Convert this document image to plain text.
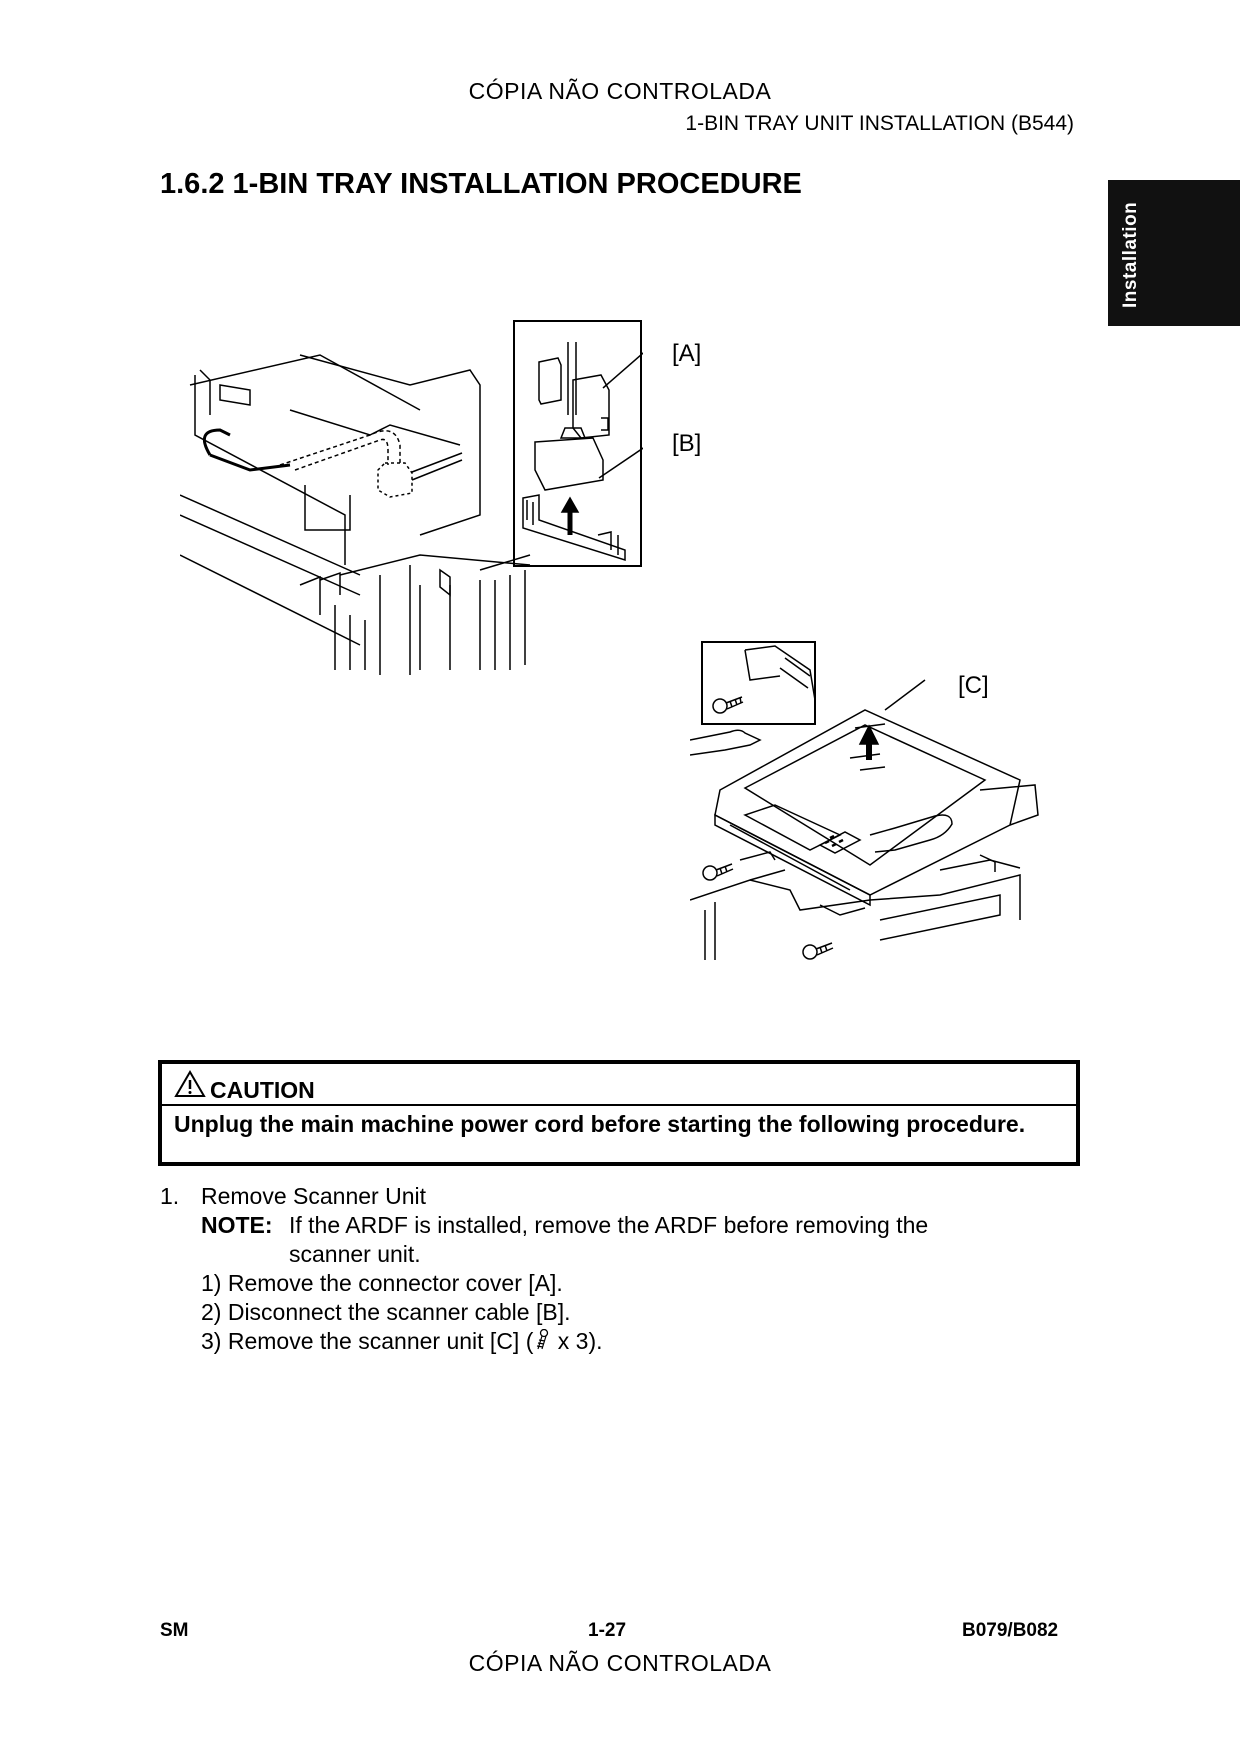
CÓPIA NÃO CONTROLADA
1-BIN TRAY UNIT INSTALLATION (B544)
1.6.2 1-BIN TRAY INSTALLATION PROCEDURE
Installation
[A]
[B]
[C]
CAUTION
Unplug the main machine power cord before starting the following procedure.
1. Remove Scanner Unit
NOTE: If the ARDF is installed, remove the ARDF before removing the
scanner unit.
1) Remove the connector cover [A].
2) Disconnect the scanner cable [B].
3) Remove the scanner unit [C] ( x 3).
SM	1-27	B079/B082
CÓPIA NÃO CONTROLADA
